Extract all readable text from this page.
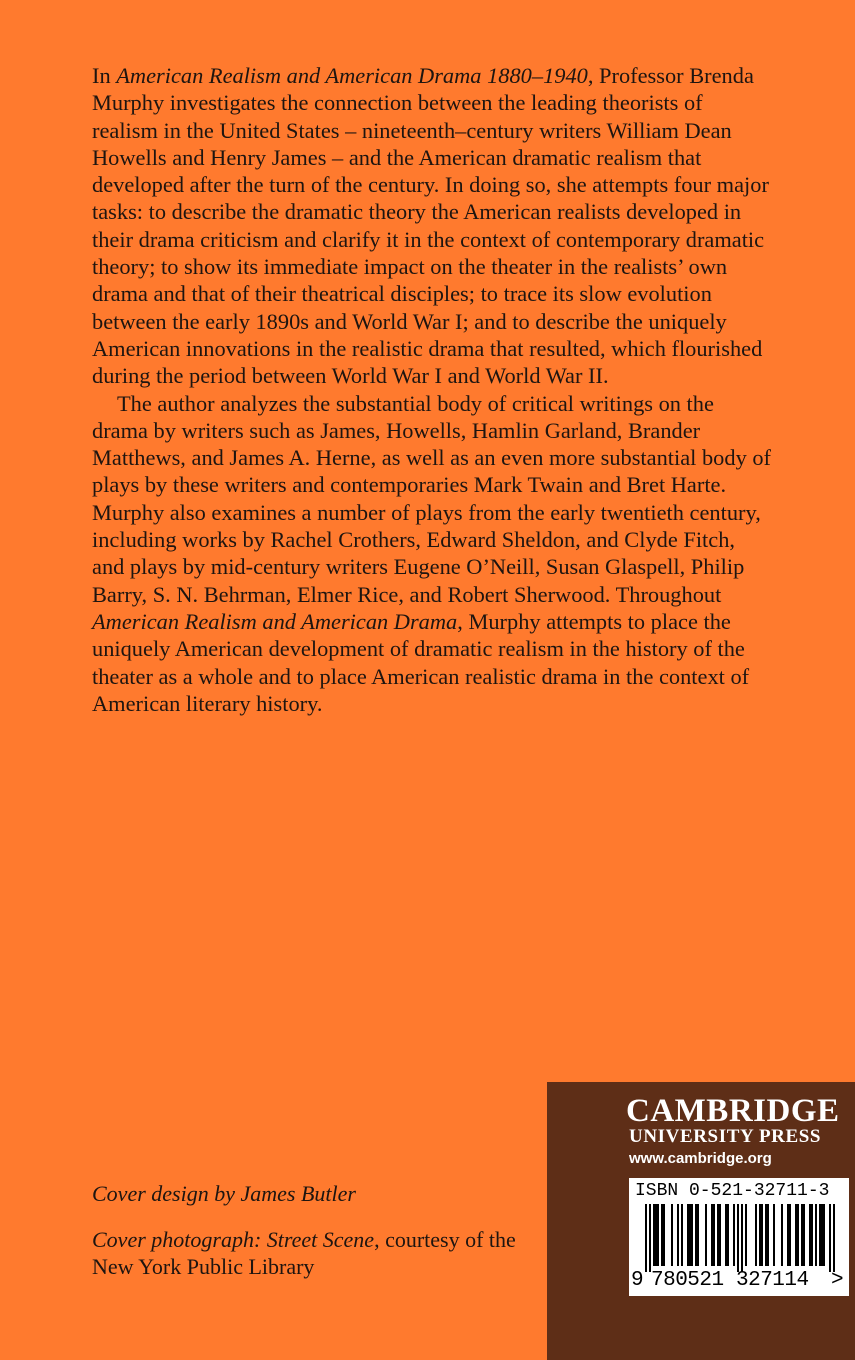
In American Realism and American Drama 1880–1940, Professor Brenda Murphy investigates the connection between the leading theorists of realism in the United States – nineteenth–century writers William Dean Howells and Henry James – and the American dramatic realism that developed after the turn of the century. In doing so, she attempts four major tasks: to describe the dramatic theory the American realists developed in their drama criticism and clarify it in the context of contemporary dramatic theory; to show its immediate impact on the theater in the realists’ own drama and that of their theatrical disciples; to trace its slow evolution between the early 1890s and World War I; and to describe the uniquely American innovations in the realistic drama that resulted, which flourished during the period between World War I and World War II.

The author analyzes the substantial body of critical writings on the drama by writers such as James, Howells, Hamlin Garland, Brander Matthews, and James A. Herne, as well as an even more substantial body of plays by these writers and contemporaries Mark Twain and Bret Harte. Murphy also examines a number of plays from the early twentieth century, including works by Rachel Crothers, Edward Sheldon, and Clyde Fitch, and plays by mid-century writers Eugene O’Neill, Susan Glaspell, Philip Barry, S. N. Behrman, Elmer Rice, and Robert Sherwood. Throughout American Realism and American Drama, Murphy attempts to place the uniquely American development of dramatic realism in the history of the theater as a whole and to place American realistic drama in the context of American literary history.

Cover design by James Butler

Cover photograph: Street Scene, courtesy of the New York Public Library

CAMBRIDGE
UNIVERSITY PRESS
www.cambridge.org
ISBN 0-521-32711-3
9 780521 327114 >
